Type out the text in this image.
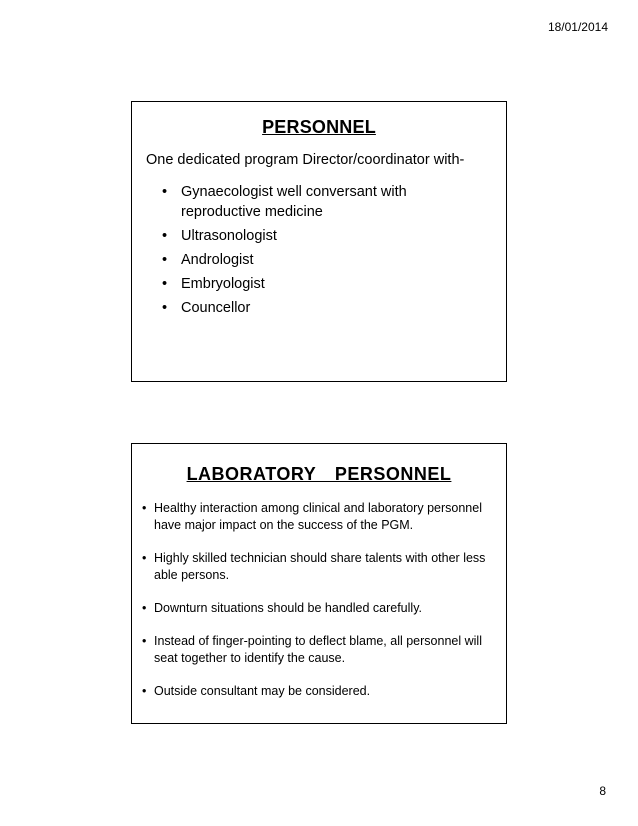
18/01/2014
PERSONNEL
One dedicated program Director/coordinator with-
• Gynaecologist well conversant with reproductive medicine
• Ultrasonologist
• Andrologist
• Embryologist
• Councellor
LABORATORY  PERSONNEL
• Healthy interaction among clinical and laboratory personnel have major impact on the success of the PGM.
• Highly skilled technician should share talents with other less able persons.
• Downturn situations should be handled carefully.
• Instead of finger-pointing to deflect blame, all personnel will seat together to identify the cause.
• Outside consultant may be considered.
8
